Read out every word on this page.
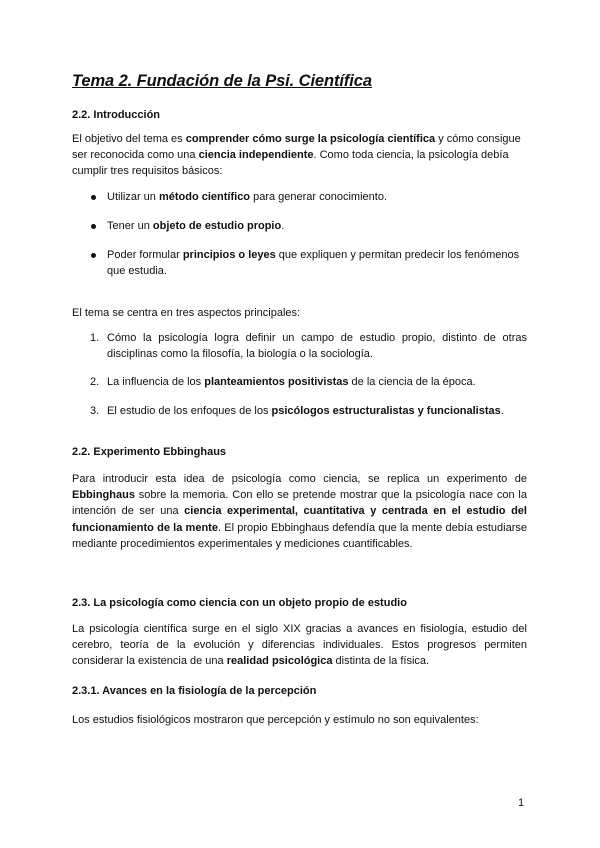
Tema 2. Fundación de la Psi. Científica
2.2. Introducción
El objetivo del tema es comprender cómo surge la psicología científica y cómo consigue ser reconocida como una ciencia independiente. Como toda ciencia, la psicología debía cumplir tres requisitos básicos:
Utilizar un método científico para generar conocimiento.
Tener un objeto de estudio propio.
Poder formular principios o leyes que expliquen y permitan predecir los fenómenos que estudia.
El tema se centra en tres aspectos principales:
1. Cómo la psicología logra definir un campo de estudio propio, distinto de otras disciplinas como la filosofía, la biología o la sociología.
2. La influencia de los planteamientos positivistas de la ciencia de la época.
3. El estudio de los enfoques de los psicólogos estructuralistas y funcionalistas.
2.2. Experimento Ebbinghaus
Para introducir esta idea de psicología como ciencia, se replica un experimento de Ebbinghaus sobre la memoria. Con ello se pretende mostrar que la psicología nace con la intención de ser una ciencia experimental, cuantitativa y centrada en el estudio del funcionamiento de la mente. El propio Ebbinghaus defendía que la mente debía estudiarse mediante procedimientos experimentales y mediciones cuantificables.
2.3. La psicología como ciencia con un objeto propio de estudio
La psicología científica surge en el siglo XIX gracias a avances en fisiología, estudio del cerebro, teoría de la evolución y diferencias individuales. Estos progresos permiten considerar la existencia de una realidad psicológica distinta de la física.
2.3.1. Avances en la fisiología de la percepción
Los estudios fisiológicos mostraron que percepción y estímulo no son equivalentes:
1
